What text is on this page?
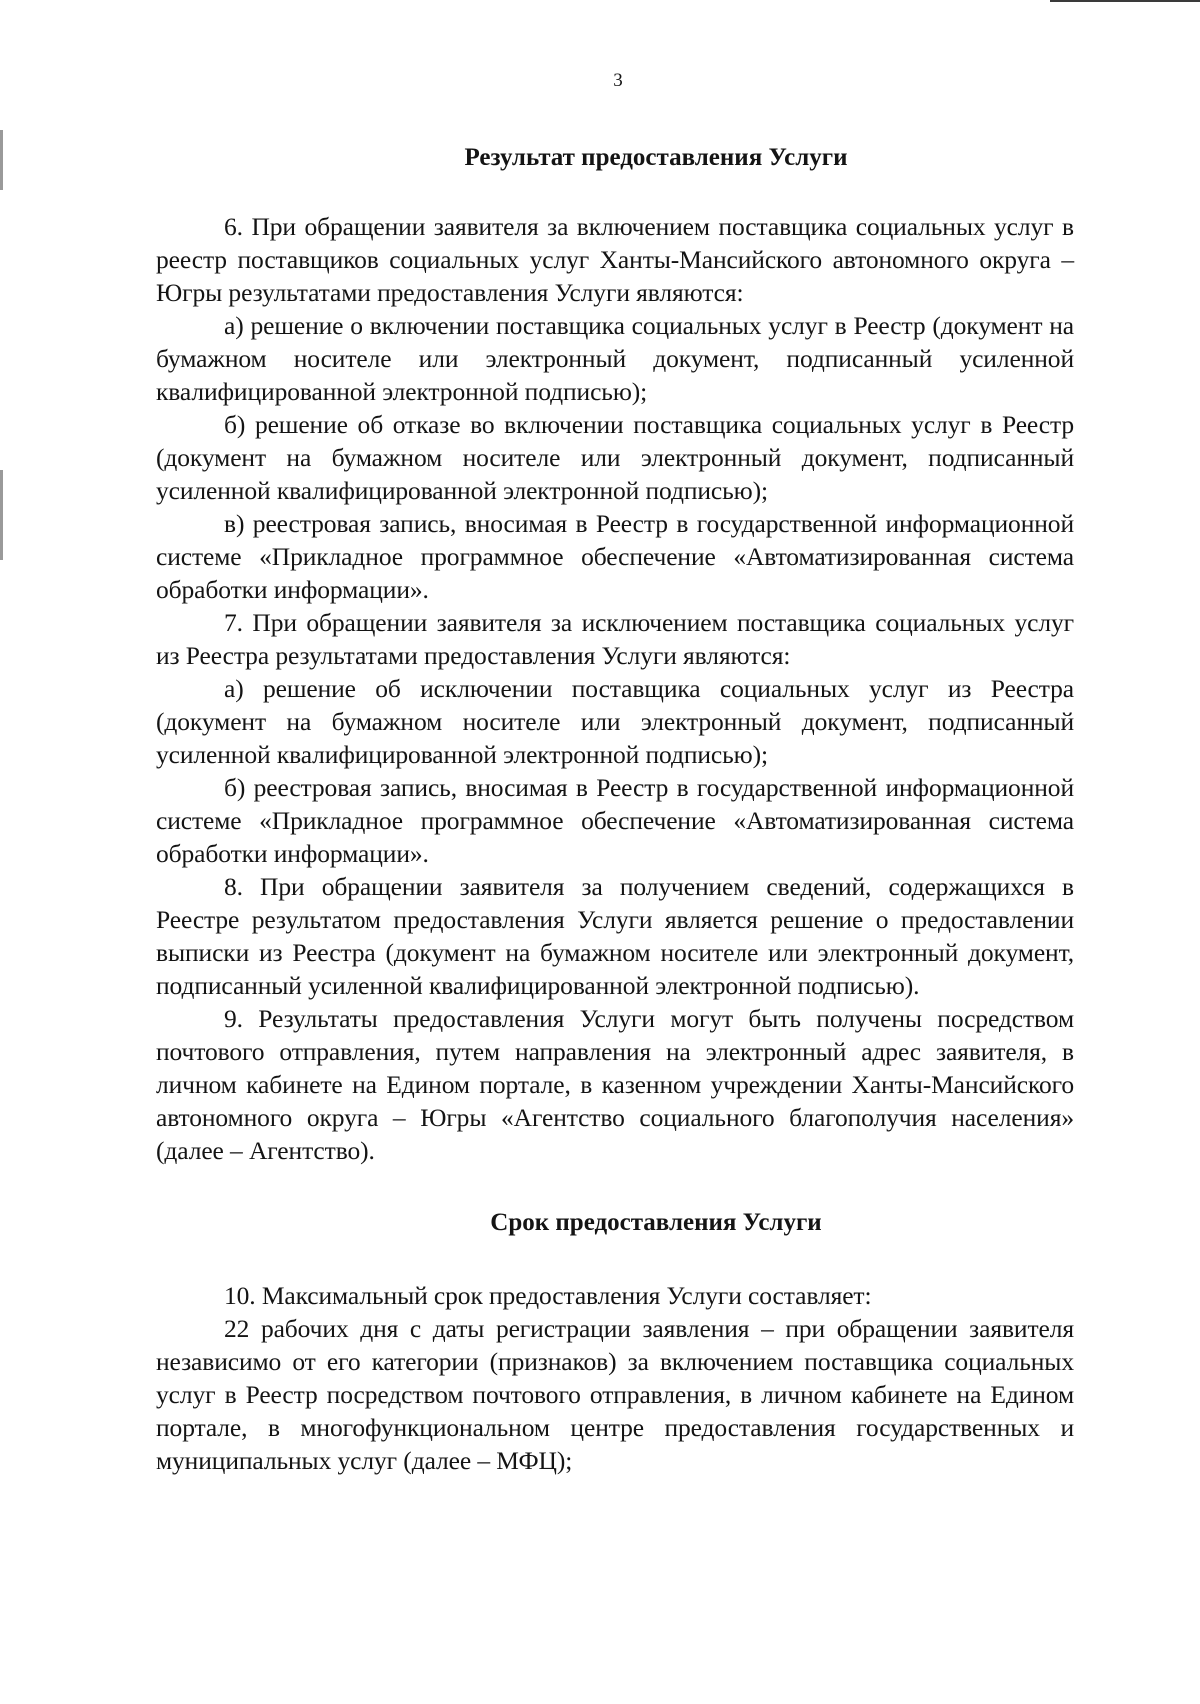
3
Результат предоставления Услуги

6. При обращении заявителя за включением поставщика социальных услуг в реестр поставщиков социальных услуг Ханты-Мансийского автономного округа – Югры результатами предоставления Услуги являются:

а) решение о включении поставщика социальных услуг в Реестр (документ на бумажном носителе или электронный документ, подписанный усиленной квалифицированной электронной подписью);

б) решение об отказе во включении поставщика социальных услуг в Реестр (документ на бумажном носителе или электронный документ, подписанный усиленной квалифицированной электронной подписью);

в) реестровая запись, вносимая в Реестр в государственной информационной системе «Прикладное программное обеспечение «Автоматизированная система обработки информации».

7. При обращении заявителя за исключением поставщика социальных услуг из Реестра результатами предоставления Услуги являются:

а) решение об исключении поставщика социальных услуг из Реестра (документ на бумажном носителе или электронный документ, подписанный усиленной квалифицированной электронной подписью);

б) реестровая запись, вносимая в Реестр в государственной информационной системе «Прикладное программное обеспечение «Автоматизированная система обработки информации».

8. При обращении заявителя за получением сведений, содержащихся в Реестре результатом предоставления Услуги является решение о предоставлении выписки из Реестра (документ на бумажном носителе или электронный документ, подписанный усиленной квалифицированной электронной подписью).

9. Результаты предоставления Услуги могут быть получены посредством почтового отправления, путем направления на электронный адрес заявителя, в личном кабинете на Едином портале, в казенном учреждении Ханты-Мансийского автономного округа – Югры «Агентство социального благополучия населения» (далее – Агентство).

Срок предоставления Услуги

10. Максимальный срок предоставления Услуги составляет:

22 рабочих дня с даты регистрации заявления – при обращении заявителя независимо от его категории (признаков) за включением поставщика социальных услуг в Реестр посредством почтового отправления, в личном кабинете на Едином портале, в многофункциональном центре предоставления государственных и муниципальных услуг (далее – МФЦ);
